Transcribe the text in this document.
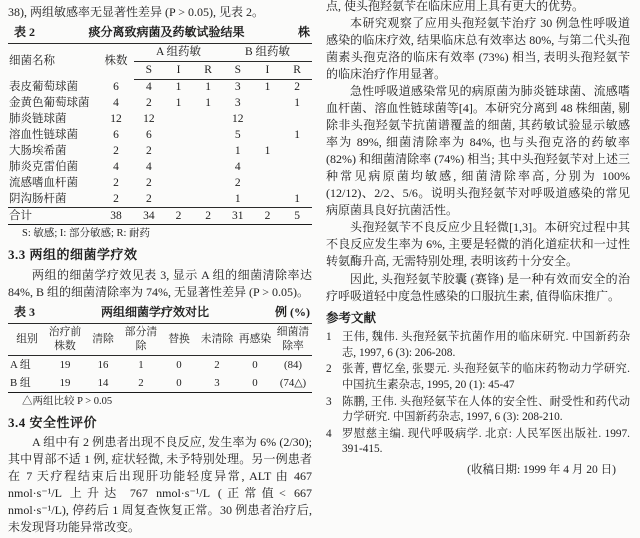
38), 两组敏感率无显著性差异 (P > 0.05), 见表 2。

表 2	痰分离致病菌及药敏试验结果	株
细菌名称	株数	A 组药敏			B 组药敏		
		S	I	R	S	I	R
表皮葡萄球菌	6	4	1	1	3	1	2
金黄色葡萄球菌	4	2	1	1	3		1
肺炎链球菌	12	12			12		
溶血性链球菌	6	6			5		1
大肠埃希菌	2	2			1	1	
肺炎克雷伯菌	4	4			4		
流感嗜血杆菌	2	2			2		
阴沟肠杆菌	2	2			1		1
合计	38	34	2	2	31	2	5

S: 敏感; I: 部分敏感; R: 耐药

3.3 两组的细菌学疗效

两组的细菌学疗效见表 3, 显示 A 组的细菌清除率达 84%, B 组的细菌清除率为 74%, 无显著性差异 (P > 0.05)。

表 3	两组细菌学疗效对比	例 (%)
组别	治疗前株数	清除	部分清除	替换	未清除	再感染	细菌清除率
A 组	19	16	1	0	2	0	(84)
B 组	19	14	2	0	3	0	(74△)

△两组比较 P > 0.05

3.4 安全性评价

A 组中有 2 例患者出现不良反应, 发生率为 6% (2/30); 其中胃部不适 1 例, 症状轻微, 未予特别处理。另一例患者在 7 天疗程结束后出现肝功能轻度异常, ALT 由 467 nmol·s⁻¹/L 上升达 767 nmol·s⁻¹/L (正常值< 667 nmol·s⁻¹/L), 停药后 1 周复查恢复正常。30 例患者治疗后, 未发现肾功能异常改变。

点, 使头孢羟氨苄在临床应用上具有更大的优势。

本研究观察了应用头孢羟氨苄治疗 30 例急性呼吸道感染的临床疗效, 结果临床总有效率达 80%, 与第二代头孢菌素头孢克洛的临床有效率 (73%) 相当, 表明头孢羟氨苄的临床治疗作用显著。

急性呼吸道感染常见的病原菌为肺炎链球菌、流感嗜血杆菌、溶血性链球菌等[4]。本研究分离到 48 株细菌, 剔除非头孢羟氨苄抗菌谱覆盖的细菌, 其药敏试验显示敏感率为 89%, 细菌清除率为 84%, 也与头孢克洛的药敏率 (82%) 和细菌清除率 (74%) 相当; 其中头孢羟氨苄对上述三种常见病原菌均敏感, 细菌清除率高, 分别为 100% (12/12)、2/2、5/6。说明头孢羟氨苄对呼吸道感染的常见病原菌具良好抗菌活性。

头孢羟氨苄不良反应少且轻微[1,3]。本研究过程中其不良反应发生率为 6%, 主要是轻微的消化道症状和一过性转氨酶升高, 无需特别处理, 表明该药十分安全。

因此, 头孢羟氨苄胶囊 (赛锋) 是一种有效而安全的治疗呼吸道轻中度急性感染的口服抗生素, 值得临床推广。

参考文献
1 王伟, 魏伟. 头孢羟氨苄抗菌作用的临床研究. 中国新药杂志, 1997, 6 (3): 206-208.
2 张菁, 曹忆垒, 张婴元. 头孢羟氨苄的临床药物动力学研究. 中国抗生素杂志, 1995, 20 (1): 45-47
3 陈鹏, 王伟. 头孢羟氨苄在人体的安全性、耐受性和药代动力学研究. 中国新药杂志, 1997, 6 (3): 208-210.
4 罗慰慈主编. 现代呼吸病学. 北京: 人民军医出版社. 1997. 391-415.

(收稿日期: 1999 年 4 月 20 日)
